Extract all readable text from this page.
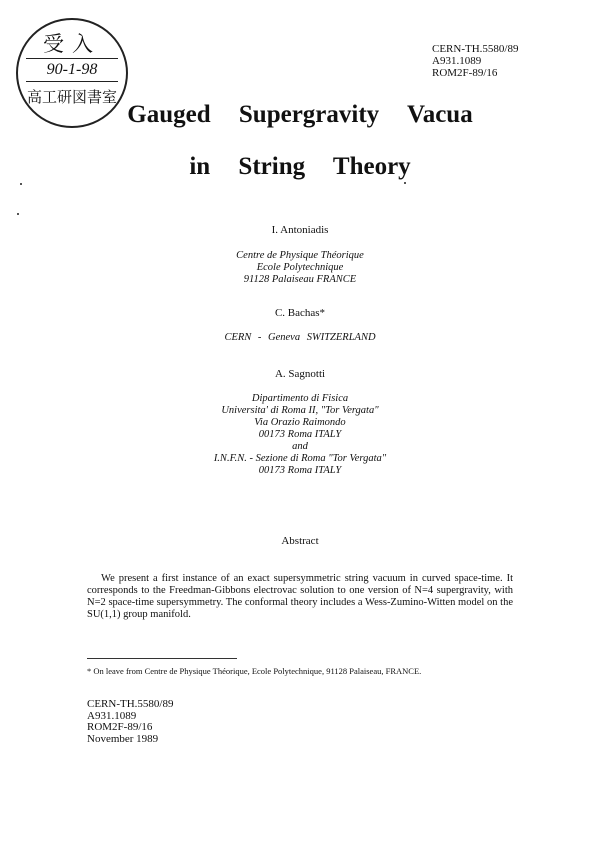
受入
90-1-98
高工研図書室
CERN-TH.5580/89
A931.1089
ROM2F-89/16
Gauged Supergravity Vacua
in String Theory
I. Antoniadis
Centre de Physique Théorique
Ecole Polytechnique
91128 Palaiseau FRANCE
C. Bachas*
CERN - Geneva SWITZERLAND
A. Sagnotti
Dipartimento di Fisica
Universita' di Roma II, "Tor Vergata"
Via Orazio Raimondo
00173 Roma ITALY
and
I.N.F.N. - Sezione di Roma "Tor Vergata"
00173 Roma ITALY
Abstract
We present a first instance of an exact supersymmetric string vacuum in curved space-time. It corresponds to the Freedman-Gibbons electrovac solution to one version of N=4 supergravity, with N=2 space-time supersymmetry. The conformal theory includes a Wess-Zumino-Witten model on the SU(1,1) group manifold.
* On leave from Centre de Physique Théorique, Ecole Polytechnique, 91128 Palaiseau, FRANCE.
CERN-TH.5580/89
A931.1089
ROM2F-89/16
November 1989
